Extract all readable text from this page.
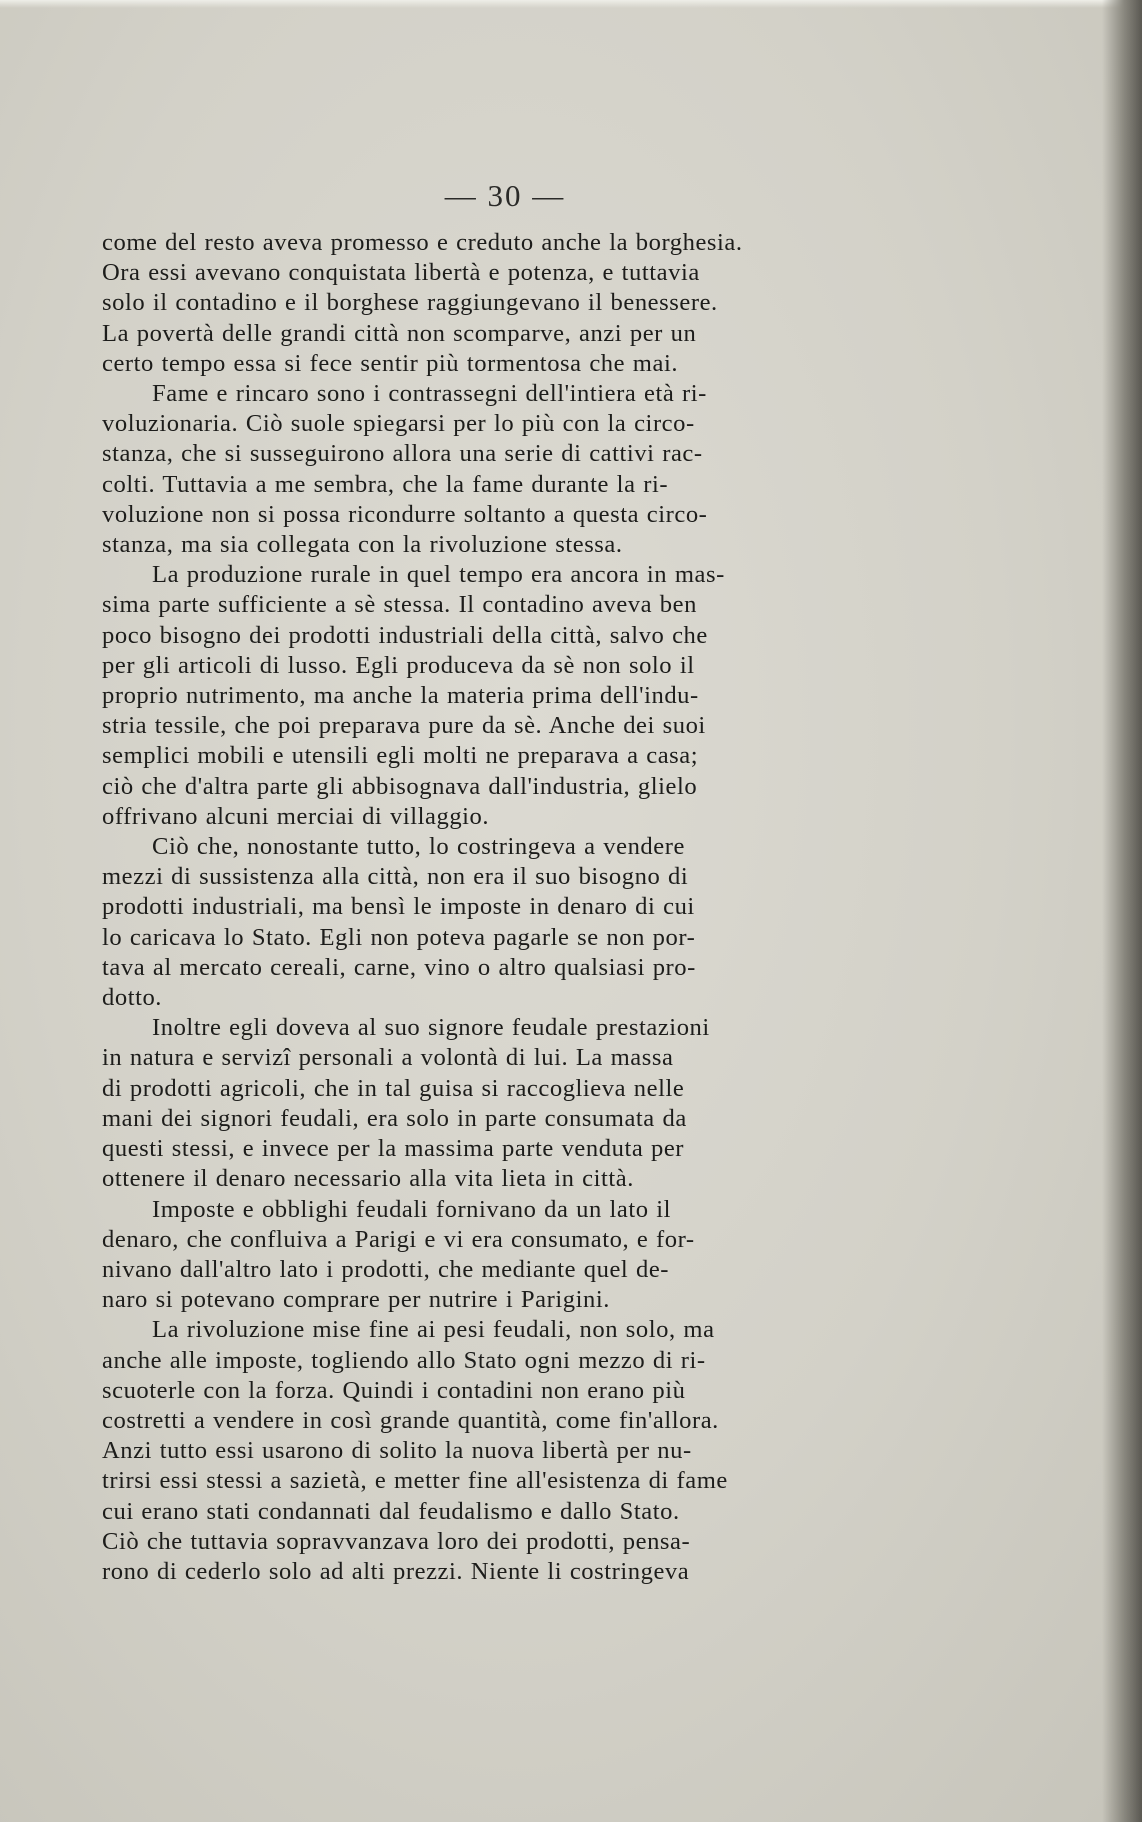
— 30 —
come del resto aveva promesso e creduto anche la borghesia.
Ora essi avevano conquistata libertà e potenza, e tuttavia
solo il contadino e il borghese raggiungevano il benessere.
La povertà delle grandi città non scomparve, anzi per un
certo tempo essa si fece sentir più tormentosa che mai.
Fame e rincaro sono i contrassegni dell'intiera età ri-
voluzionaria. Ciò suole spiegarsi per lo più con la circo-
stanza, che si susseguirono allora una serie di cattivi rac-
colti. Tuttavia a me sembra, che la fame durante la ri-
voluzione non si possa ricondurre soltanto a questa circo-
stanza, ma sia collegata con la rivoluzione stessa.
La produzione rurale in quel tempo era ancora in mas-
sima parte sufficiente a sè stessa. Il contadino aveva ben
poco bisogno dei prodotti industriali della città, salvo che
per gli articoli di lusso. Egli produceva da sè non solo il
proprio nutrimento, ma anche la materia prima dell'indu-
stria tessile, che poi preparava pure da sè. Anche dei suoi
semplici mobili e utensili egli molti ne preparava a casa;
ciò che d'altra parte gli abbisognava dall'industria, glielo
offrivano alcuni merciai di villaggio.
Ciò che, nonostante tutto, lo costringeva a vendere
mezzi di sussistenza alla città, non era il suo bisogno di
prodotti industriali, ma bensì le imposte in denaro di cui
lo caricava lo Stato. Egli non poteva pagarle se non por-
tava al mercato cereali, carne, vino o altro qualsiasi pro-
dotto.
Inoltre egli doveva al suo signore feudale prestazioni
in natura e servizî personali a volontà di lui. La massa
di prodotti agricoli, che in tal guisa si raccoglieva nelle
mani dei signori feudali, era solo in parte consumata da
questi stessi, e invece per la massima parte venduta per
ottenere il denaro necessario alla vita lieta in città.
Imposte e obblighi feudali fornivano da un lato il
denaro, che confluiva a Parigi e vi era consumato, e for-
nivano dall'altro lato i prodotti, che mediante quel de-
naro si potevano comprare per nutrire i Parigini.
La rivoluzione mise fine ai pesi feudali, non solo, ma
anche alle imposte, togliendo allo Stato ogni mezzo di ri-
scuoterle con la forza. Quindi i contadini non erano più
costretti a vendere in così grande quantità, come fin'allora.
Anzi tutto essi usarono di solito la nuova libertà per nu-
trirsi essi stessi a sazietà, e metter fine all'esistenza di fame
cui erano stati condannati dal feudalismo e dallo Stato.
Ciò che tuttavia sopravvanzava loro dei prodotti, pensa-
rono di cederlo solo ad alti prezzi. Niente li costringeva
